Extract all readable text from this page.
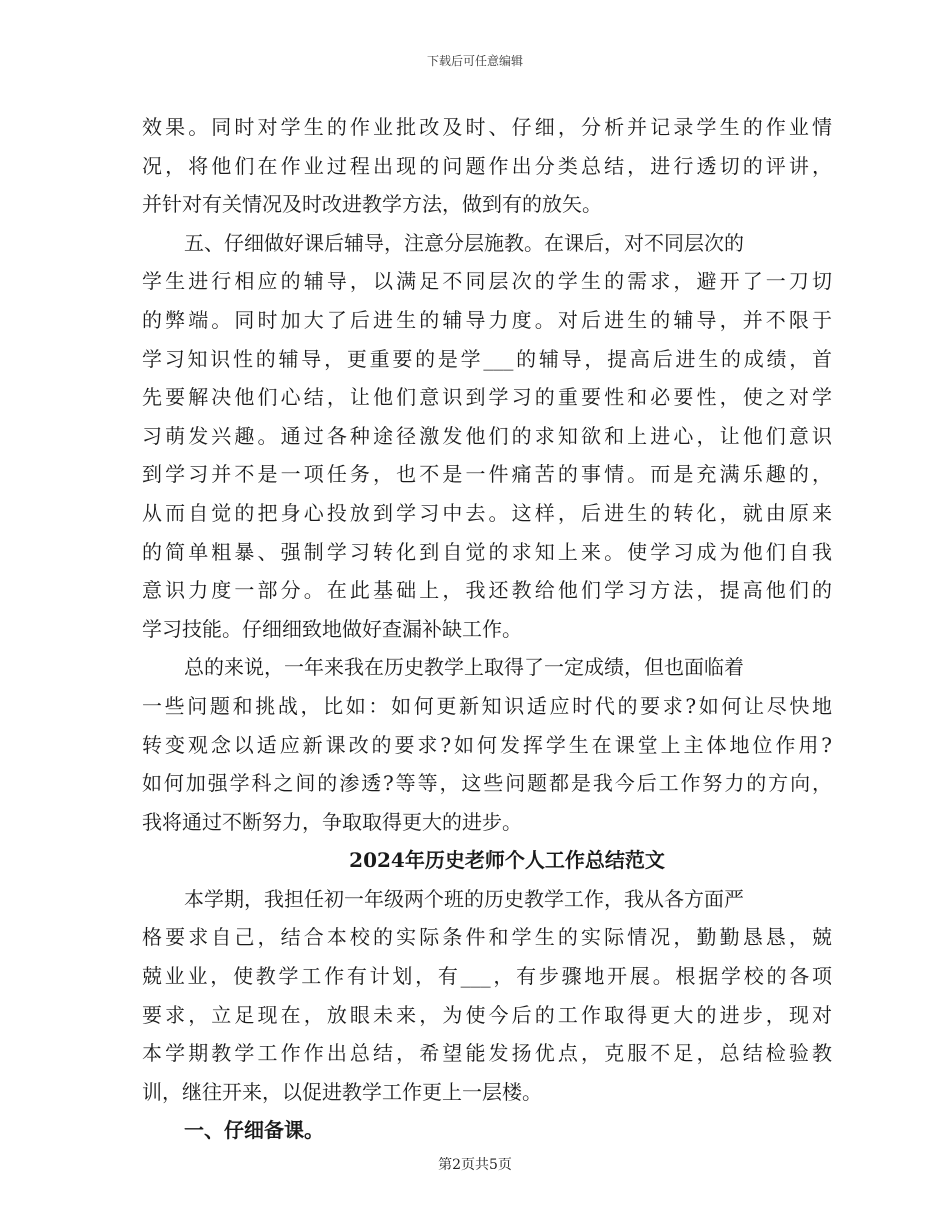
下载后可任意编辑
效果。同时对学生的作业批改及时、仔细，分析并记录学生的作业情
况，将他们在作业过程出现的问题作出分类总结，进行透切的评讲，
并针对有关情况及时改进教学方法，做到有的放矢。
五、仔细做好课后辅导，注意分层施教。在课后，对不同层次的
学生进行相应的辅导，以满足不同层次的学生的需求，避开了一刀切
的弊端。同时加大了后进生的辅导力度。对后进生的辅导，并不限于
学习知识性的辅导，更重要的是学___的辅导，提高后进生的成绩，首
先要解决他们心结，让他们意识到学习的重要性和必要性，使之对学
习萌发兴趣。通过各种途径激发他们的求知欲和上进心，让他们意识
到学习并不是一项任务，也不是一件痛苦的事情。而是充满乐趣的，
从而自觉的把身心投放到学习中去。这样，后进生的转化，就由原来
的简单粗暴、强制学习转化到自觉的求知上来。使学习成为他们自我
意识力度一部分。在此基础上，我还教给他们学习方法，提高他们的
学习技能。仔细细致地做好查漏补缺工作。
总的来说，一年来我在历史教学上取得了一定成绩，但也面临着
一些问题和挑战，比如：如何更新知识适应时代的要求?如何让尽快地
转变观念以适应新课改的要求?如何发挥学生在课堂上主体地位作用?
如何加强学科之间的渗透?等等，这些问题都是我今后工作努力的方向，
我将通过不断努力，争取取得更大的进步。
2024年历史老师个人工作总结范文
本学期，我担任初一年级两个班的历史教学工作，我从各方面严
格要求自己，结合本校的实际条件和学生的实际情况，勤勤恳恳，兢
兢业业，使教学工作有计划，有___，有步骤地开展。根据学校的各项
要求，立足现在，放眼未来，为使今后的工作取得更大的进步，现对
本学期教学工作作出总结，希望能发扬优点，克服不足，总结检验教
训，继往开来，以促进教学工作更上一层楼。
一、仔细备课。
第2页共5页
